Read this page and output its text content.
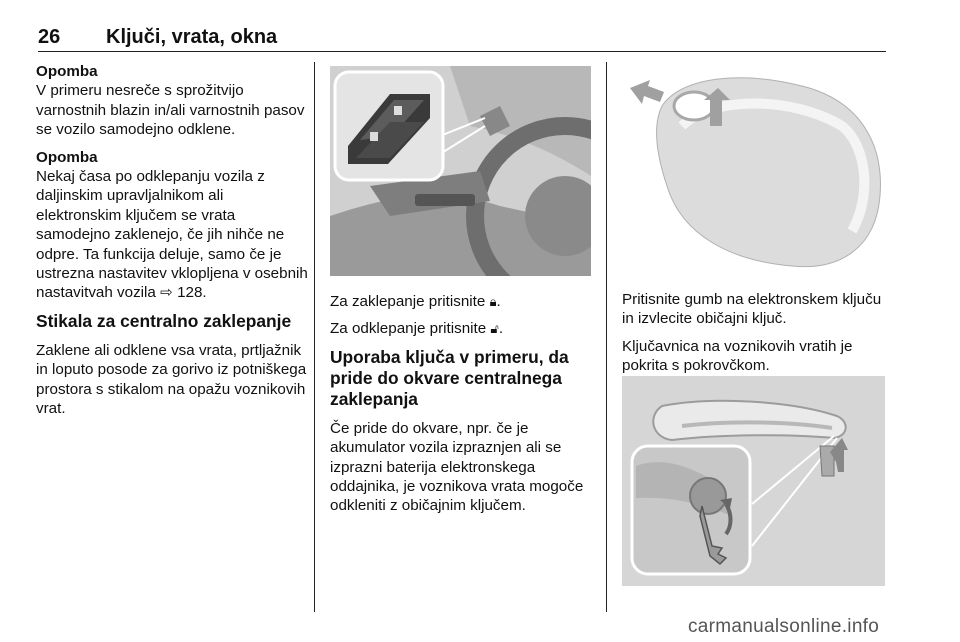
26 Ključi, vrata, okna
Opomba
V primeru nesreče s sprožitvijo varnostnih blazin in/ali varnostnih pasov se vozilo samodejno odklene.
Opomba
Nekaj časa po odklepanju vozila z daljinskim upravljalnikom ali elektronskim ključem se vrata samodejno zaklenejo, če jih nihče ne odpre. Ta funkcija deluje, samo če je ustrezna nastavitev vklopljena v osebnih nastavitvah vozila ⇨ 128.
Stikala za centralno zaklepanje
Zaklene ali odklene vsa vrata, prtljažnik in loputo posode za gorivo iz potniškega prostora s stikalom na opažu voznikovih vrat.
Za zaklepanje pritisnite 🔒︎.
Za odklepanje pritisnite 🔓︎.
Uporaba ključa v primeru, da pride do okvare centralnega zaklepanja
Če pride do okvare, npr. če je akumulator vozila izpraznjen ali se izprazni baterija elektronskega oddajnika, je voznikova vrata mogoče odkleniti z običajnim ključem.
Pritisnite gumb na elektronskem ključu in izvlecite običajni ključ.
Ključavnica na voznikovih vratih je pokrita s pokrovčkom.
carmanualsonline.info
